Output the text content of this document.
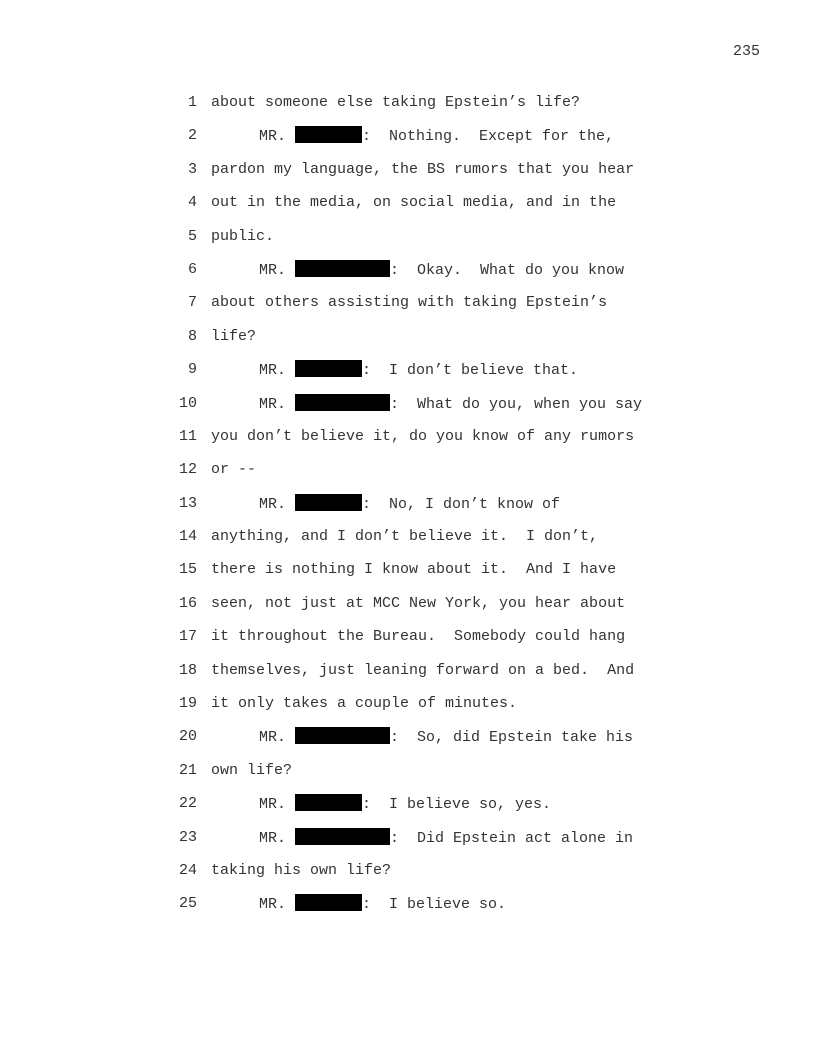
235
1 about someone else taking Epstein’s life?
2	MR.	:  Nothing.  Except for the,
3 pardon my language, the BS rumors that you hear
4 out in the media, on social media, and in the
5 public.
6	MR.	:  Okay.  What do you know
7 about others assisting with taking Epstein’s
8 life?
9	MR.	:  I don’t believe that.
10	MR.	:  What do you, when you say
11 you don’t believe it, do you know of any rumors
12 or --
13	MR.	:  No, I don’t know of
14 anything, and I don’t believe it.  I don’t,
15 there is nothing I know about it.  And I have
16 seen, not just at MCC New York, you hear about
17 it throughout the Bureau.  Somebody could hang
18 themselves, just leaning forward on a bed.  And
19 it only takes a couple of minutes.
20	MR.	:  So, did Epstein take his
21 own life?
22	MR.	:  I believe so, yes.
23	MR.	:  Did Epstein act alone in
24 taking his own life?
25	MR.	:  I believe so.
